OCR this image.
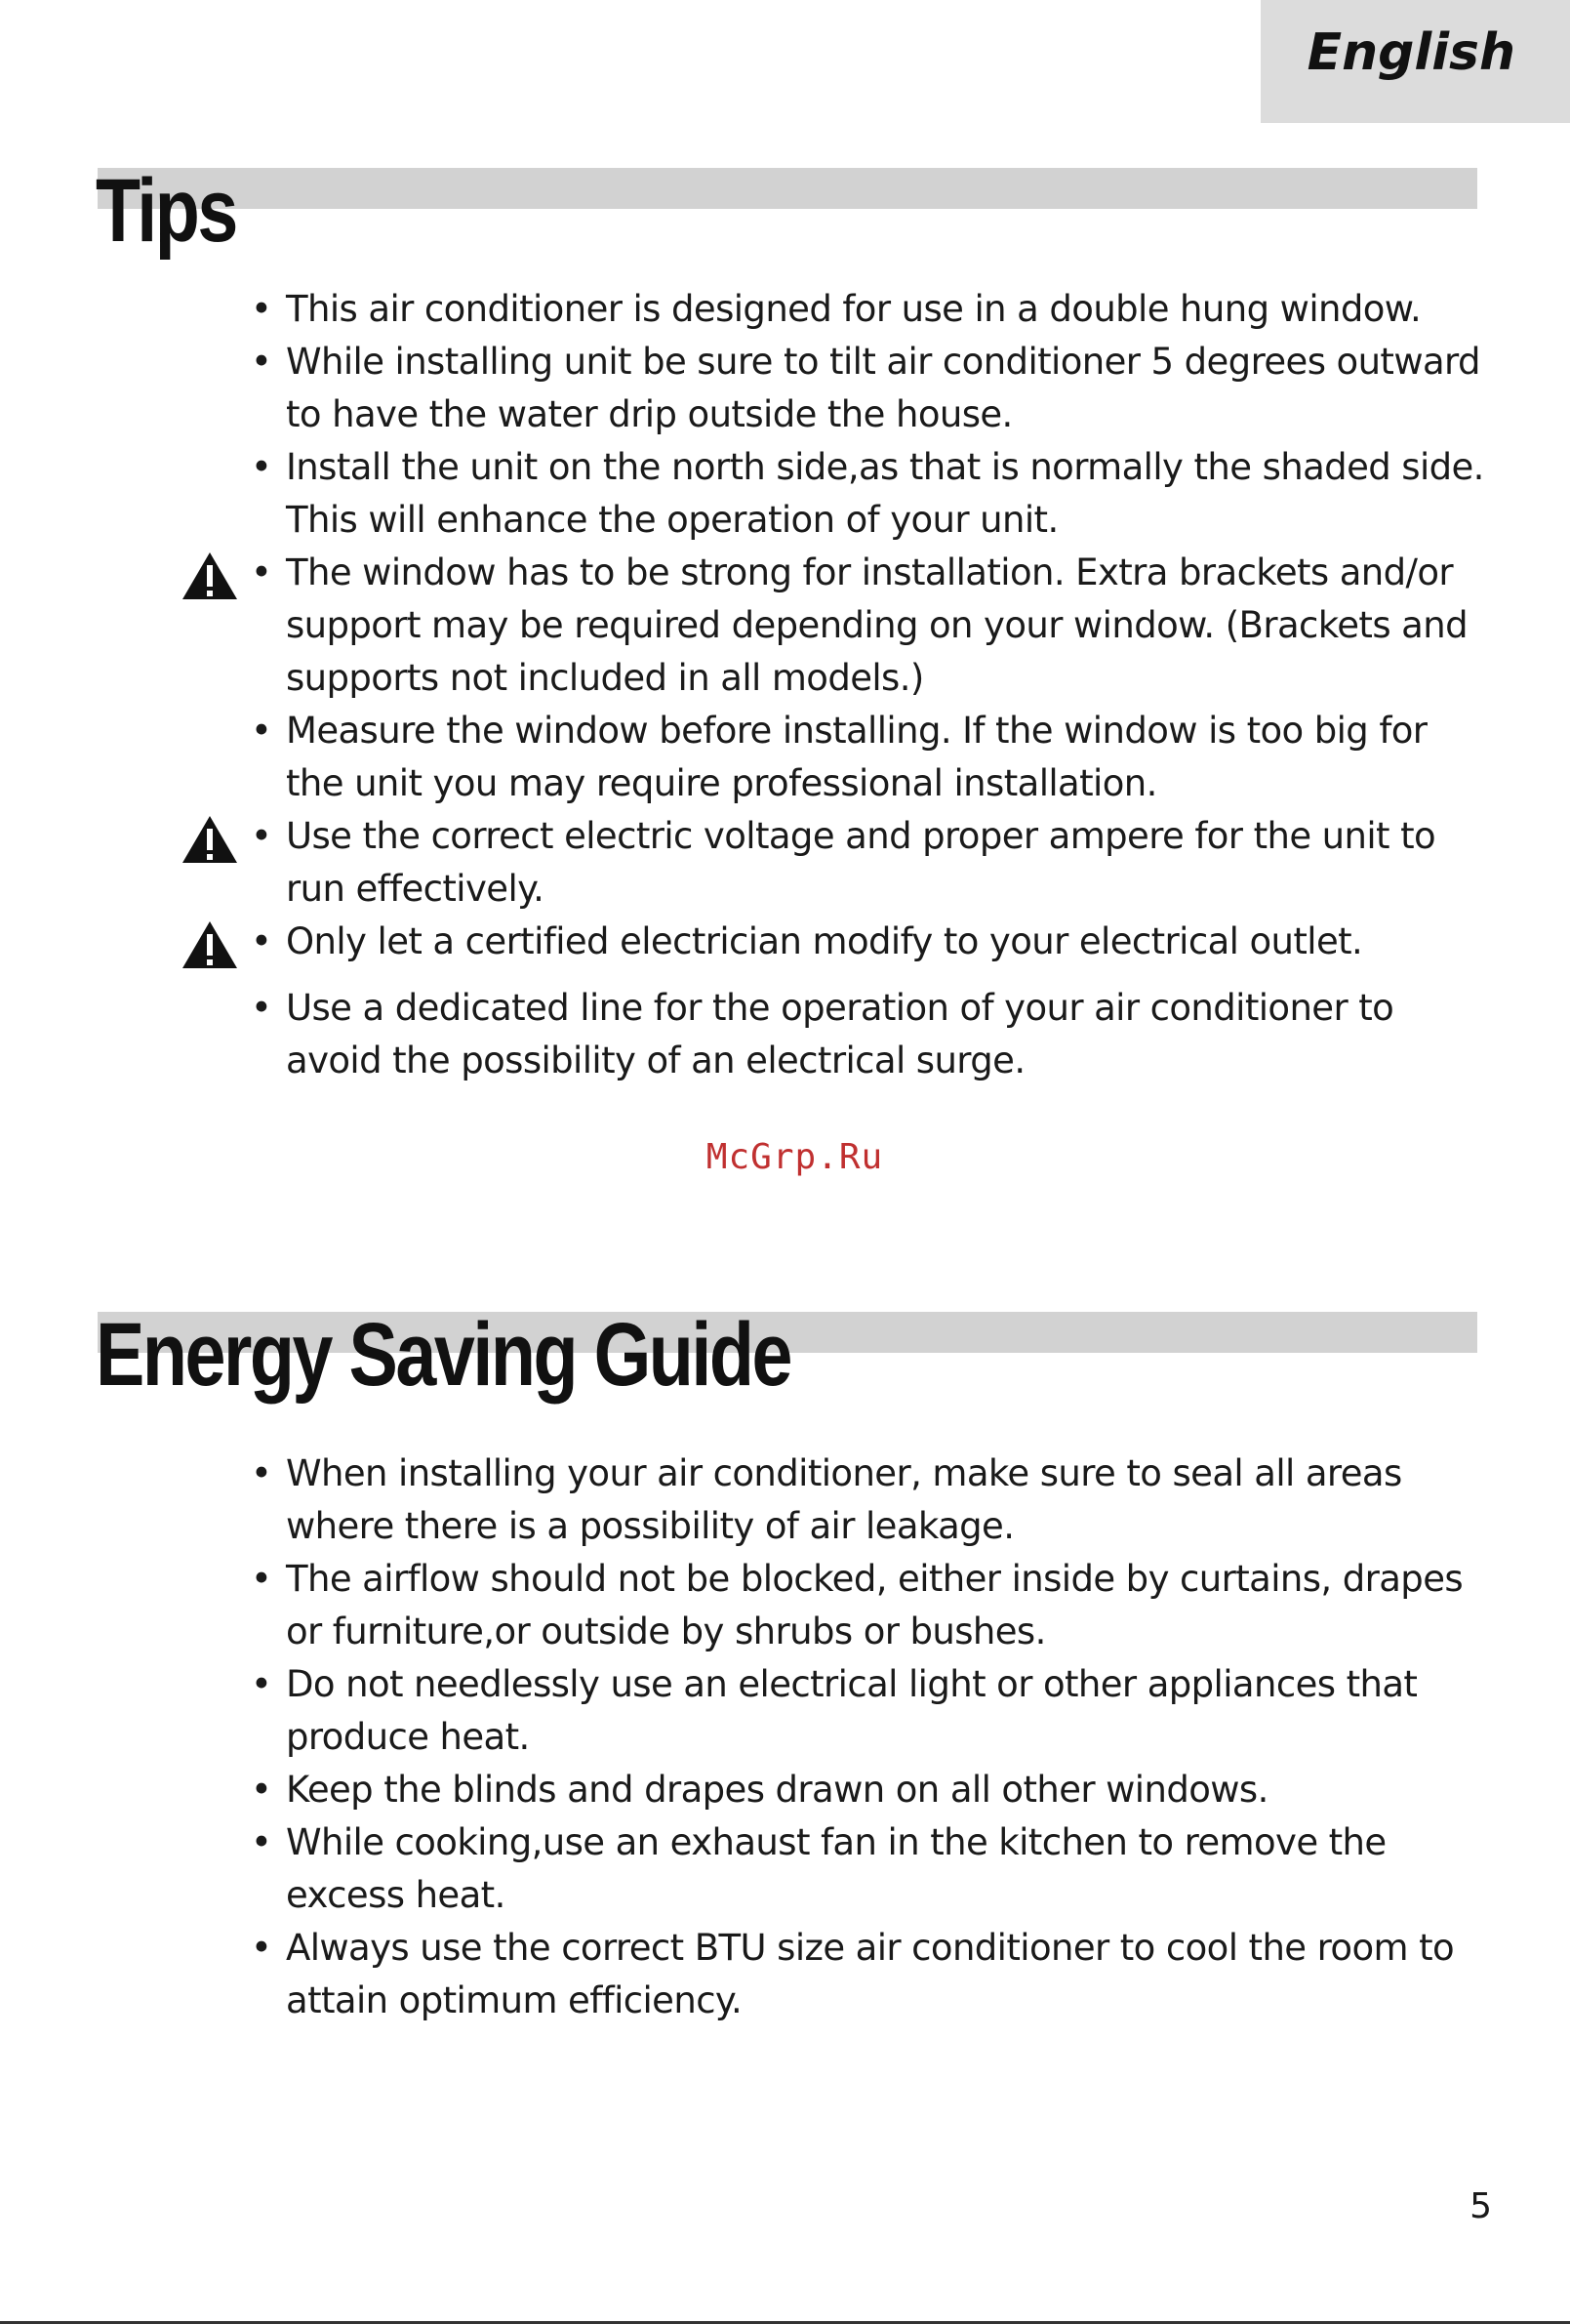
English
Tips
• This air conditioner is designed for use in a double hung window.
• While installing unit be sure to tilt air conditioner 5 degrees outward to have the water drip outside the house.
• Install the unit on the north side,as that is normally the shaded side. This will enhance the operation of your unit.
• The window has to be strong for installation. Extra brackets and/or support may be required depending on your window. (Brackets and supports not included in all models.)
• Measure the window before installing. If the window is too big for the unit you may require professional installation.
• Use the correct electric voltage and proper ampere for the unit to run effectively.
• Only let a certified electrician modify to your electrical outlet.
• Use a dedicated line for the operation of your air conditioner to avoid the possibility of an electrical surge.
McGrp.Ru
Energy Saving Guide
• When installing your air conditioner, make sure to seal all areas where there is a possibility of air leakage.
• The airflow should not be blocked, either inside by curtains, drapes or furniture,or outside by shrubs or bushes.
• Do not needlessly use an electrical light or other appliances that produce heat.
• Keep the blinds and drapes drawn on all other windows.
• While cooking,use an exhaust fan in the kitchen to remove the excess heat.
• Always use the correct BTU size air conditioner to cool the room to attain optimum efficiency.
5
